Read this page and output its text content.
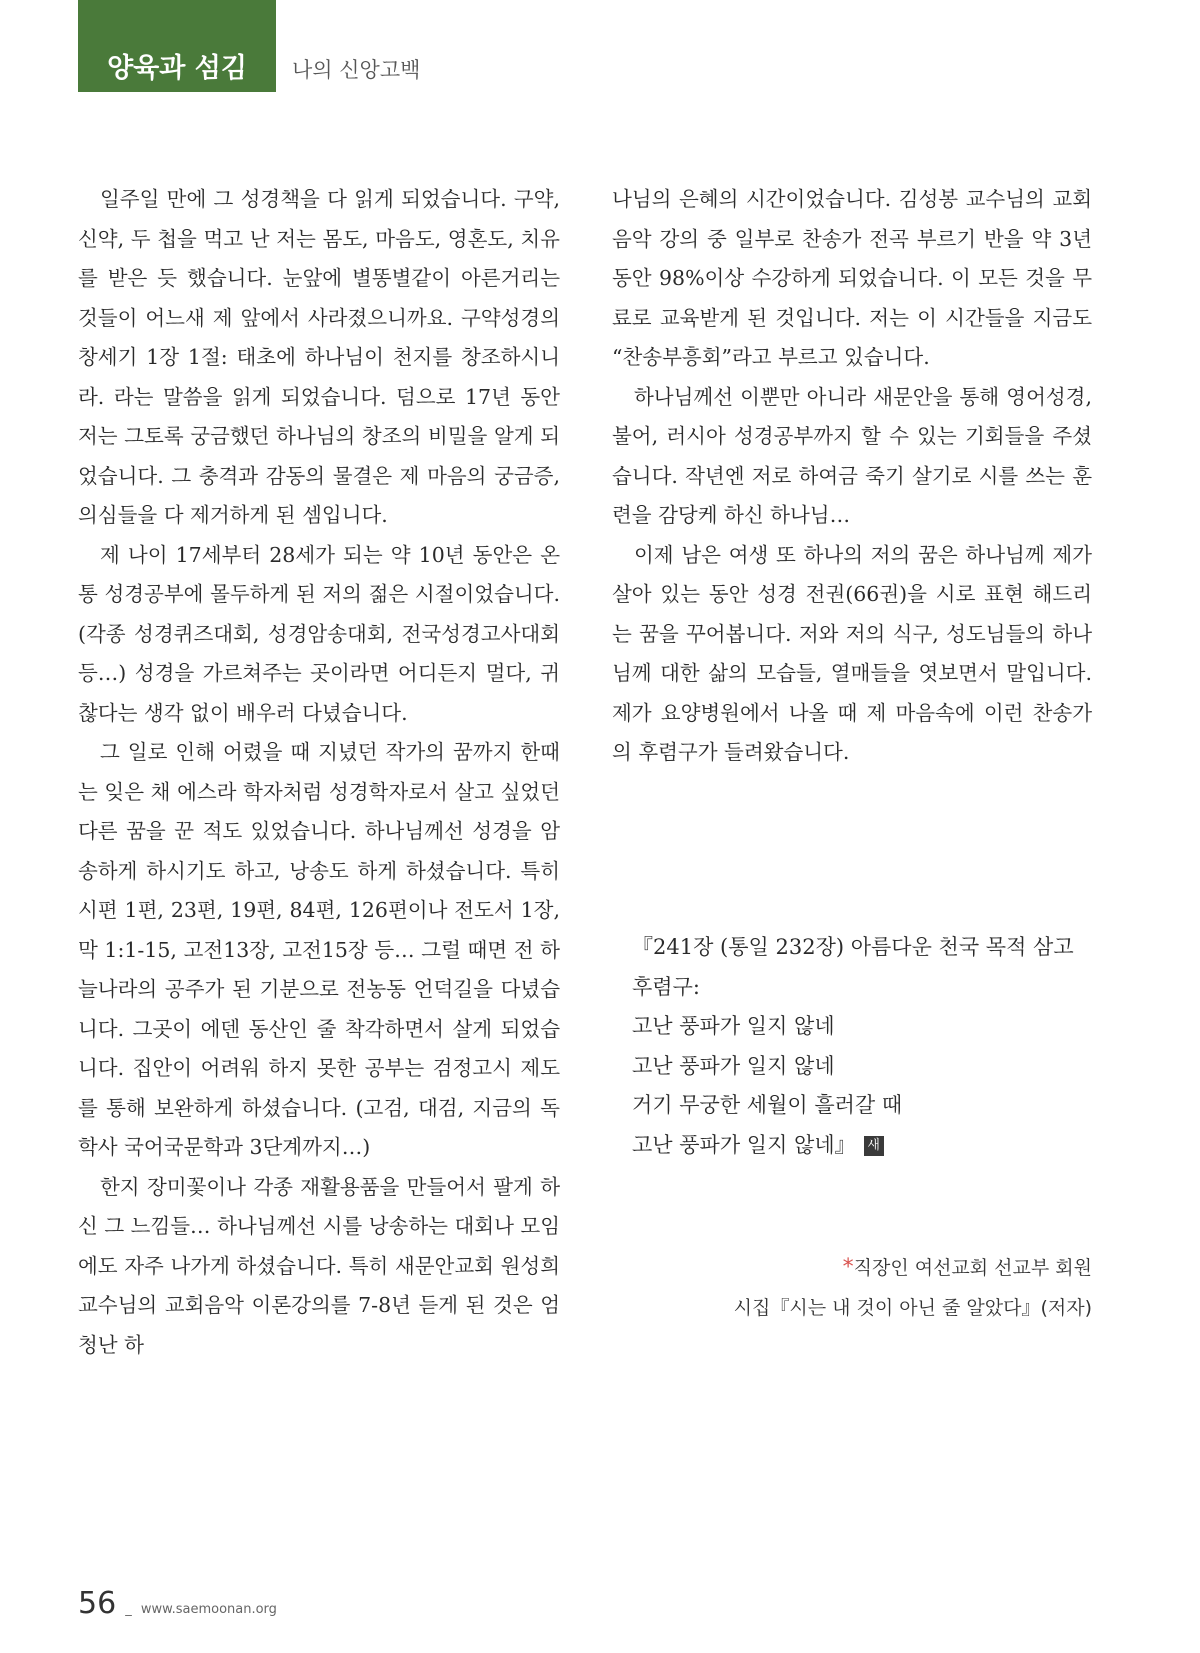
양육과 섬김 나의 신앙고백

일주일 만에 그 성경책을 다 읽게 되었습니다. 구약, 신약, 두 첩을 먹고 난 저는 몸도, 마음도, 영혼도, 치유를 받은 듯 했습니다. 눈앞에 별똥별같이 아른거리는 것들이 어느새 제 앞에서 사라졌으니까요. 구약성경의 창세기 1장 1절: 태초에 하나님이 천지를 창조하시니라. 라는 말씀을 읽게 되었습니다. 덤으로 17년 동안 저는 그토록 궁금했던 하나님의 창조의 비밀을 알게 되었습니다. 그 충격과 감동의 물결은 제 마음의 궁금증, 의심들을 다 제거하게 된 셈입니다.

제 나이 17세부터 28세가 되는 약 10년 동안은 온통 성경공부에 몰두하게 된 저의 젊은 시절이었습니다. (각종 성경퀴즈대회, 성경암송대회, 전국성경고사대회 등…) 성경을 가르쳐주는 곳이라면 어디든지 멀다, 귀찮다는 생각 없이 배우러 다녔습니다.

그 일로 인해 어렸을 때 지녔던 작가의 꿈까지 한때는 잊은 채 에스라 학자처럼 성경학자로서 살고 싶었던 다른 꿈을 꾼 적도 있었습니다. 하나님께선 성경을 암송하게 하시기도 하고, 낭송도 하게 하셨습니다. 특히 시편 1편, 23편, 19편, 84편, 126편이나 전도서 1장, 막 1:1-15, 고전13장, 고전15장 등… 그럴 때면 전 하늘나라의 공주가 된 기분으로 전농동 언덕길을 다녔습니다. 그곳이 에덴 동산인 줄 착각하면서 살게 되었습니다. 집안이 어려워 하지 못한 공부는 검정고시 제도를 통해 보완하게 하셨습니다. (고검, 대검, 지금의 독학사 국어국문학과 3단계까지…)

한지 장미꽃이나 각종 재활용품을 만들어서 팔게 하신 그 느낌들… 하나님께선 시를 낭송하는 대회나 모임에도 자주 나가게 하셨습니다. 특히 새문안교회 원성희 교수님의 교회음악 이론강의를 7-8년 듣게 된 것은 엄청난 하

나님의 은혜의 시간이었습니다. 김성봉 교수님의 교회음악 강의 중 일부로 찬송가 전곡 부르기 반을 약 3년 동안 98%이상 수강하게 되었습니다. 이 모든 것을 무료로 교육받게 된 것입니다. 저는 이 시간들을 지금도 “찬송부흥회”라고 부르고 있습니다.

하나님께선 이뿐만 아니라 새문안을 통해 영어성경, 불어, 러시아 성경공부까지 할 수 있는 기회들을 주셨습니다. 작년엔 저로 하여금 죽기 살기로 시를 쓰는 훈련을 감당케 하신 하나님…

이제 남은 여생 또 하나의 저의 꿈은 하나님께 제가 살아 있는 동안 성경 전권(66권)을 시로 표현 해드리는 꿈을 꾸어봅니다. 저와 저의 식구, 성도님들의 하나님께 대한 삶의 모습들, 열매들을 엿보면서 말입니다. 제가 요양병원에서 나올 때 제 마음속에 이런 찬송가의 후렴구가 들려왔습니다.

『241장 (통일 232장) 아름다운 천국 목적 삼고
후렴구:
고난 풍파가 일지 않네
고난 풍파가 일지 않네
거기 무궁한 세월이 흘러갈 때
고난 풍파가 일지 않네』 새
*직장인 여선교회 선교부 회원
시집『시는 내 것이 아닌 줄 알았다』(저자)
56 _ www.saemoonan.org
